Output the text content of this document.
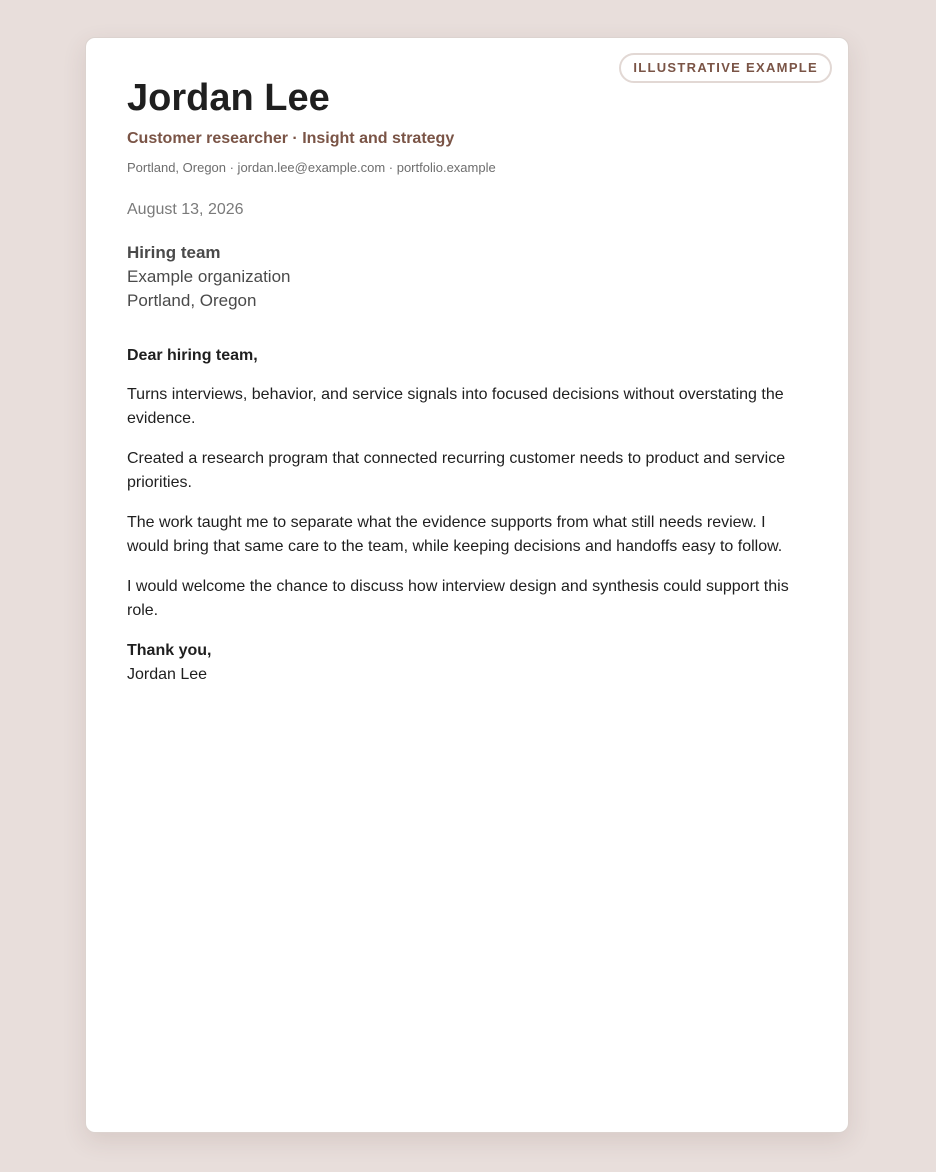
ILLUSTRATIVE EXAMPLE
Jordan Lee
Customer researcher · Insight and strategy
Portland, Oregon · jordan.lee@example.com · portfolio.example
August 13, 2026
Hiring team
Example organization
Portland, Oregon

Dear hiring team,

Turns interviews, behavior, and service signals into focused decisions without overstating the evidence.

Created a research program that connected recurring customer needs to product and service priorities.

The work taught me to separate what the evidence supports from what still needs review. I would bring that same care to the team, while keeping decisions and handoffs easy to follow.

I would welcome the chance to discuss how interview design and synthesis could support this role.

Thank you,

Jordan Lee
